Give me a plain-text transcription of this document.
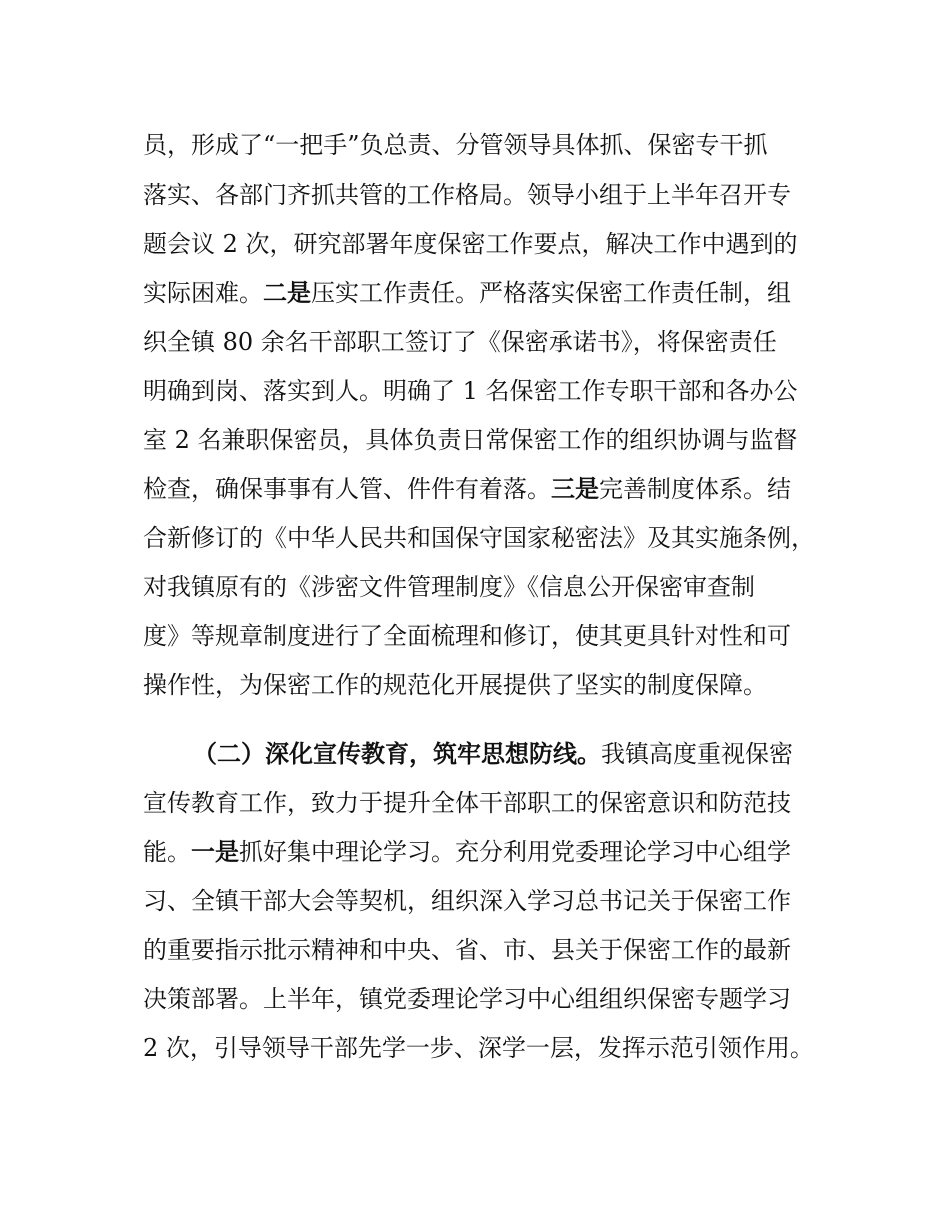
员，形成了“一把手”负总责、分管领导具体抓、保密专干抓
落实、各部门齐抓共管的工作格局。领导小组于上半年召开专
题会议 2 次，研究部署年度保密工作要点，解决工作中遇到的
实际困难。二是压实工作责任。严格落实保密工作责任制，组
织全镇 80 余名干部职工签订了《保密承诺书》，将保密责任
明确到岗、落实到人。明确了 1 名保密工作专职干部和各办公
室 2 名兼职保密员，具体负责日常保密工作的组织协调与监督
检查，确保事事有人管、件件有着落。三是完善制度体系。结
合新修订的《中华人民共和国保守国家秘密法》及其实施条例，
对我镇原有的《涉密文件管理制度》《信息公开保密审查制
度》等规章制度进行了全面梳理和修订，使其更具针对性和可
操作性，为保密工作的规范化开展提供了坚实的制度保障。
（二）深化宣传教育，筑牢思想防线。我镇高度重视保密
宣传教育工作，致力于提升全体干部职工的保密意识和防范技
能。一是抓好集中理论学习。充分利用党委理论学习中心组学
习、全镇干部大会等契机，组织深入学习总书记关于保密工作
的重要指示批示精神和中央、省、市、县关于保密工作的最新
决策部署。上半年，镇党委理论学习中心组组织保密专题学习
2 次，引导领导干部先学一步、深学一层，发挥示范引领作用。
